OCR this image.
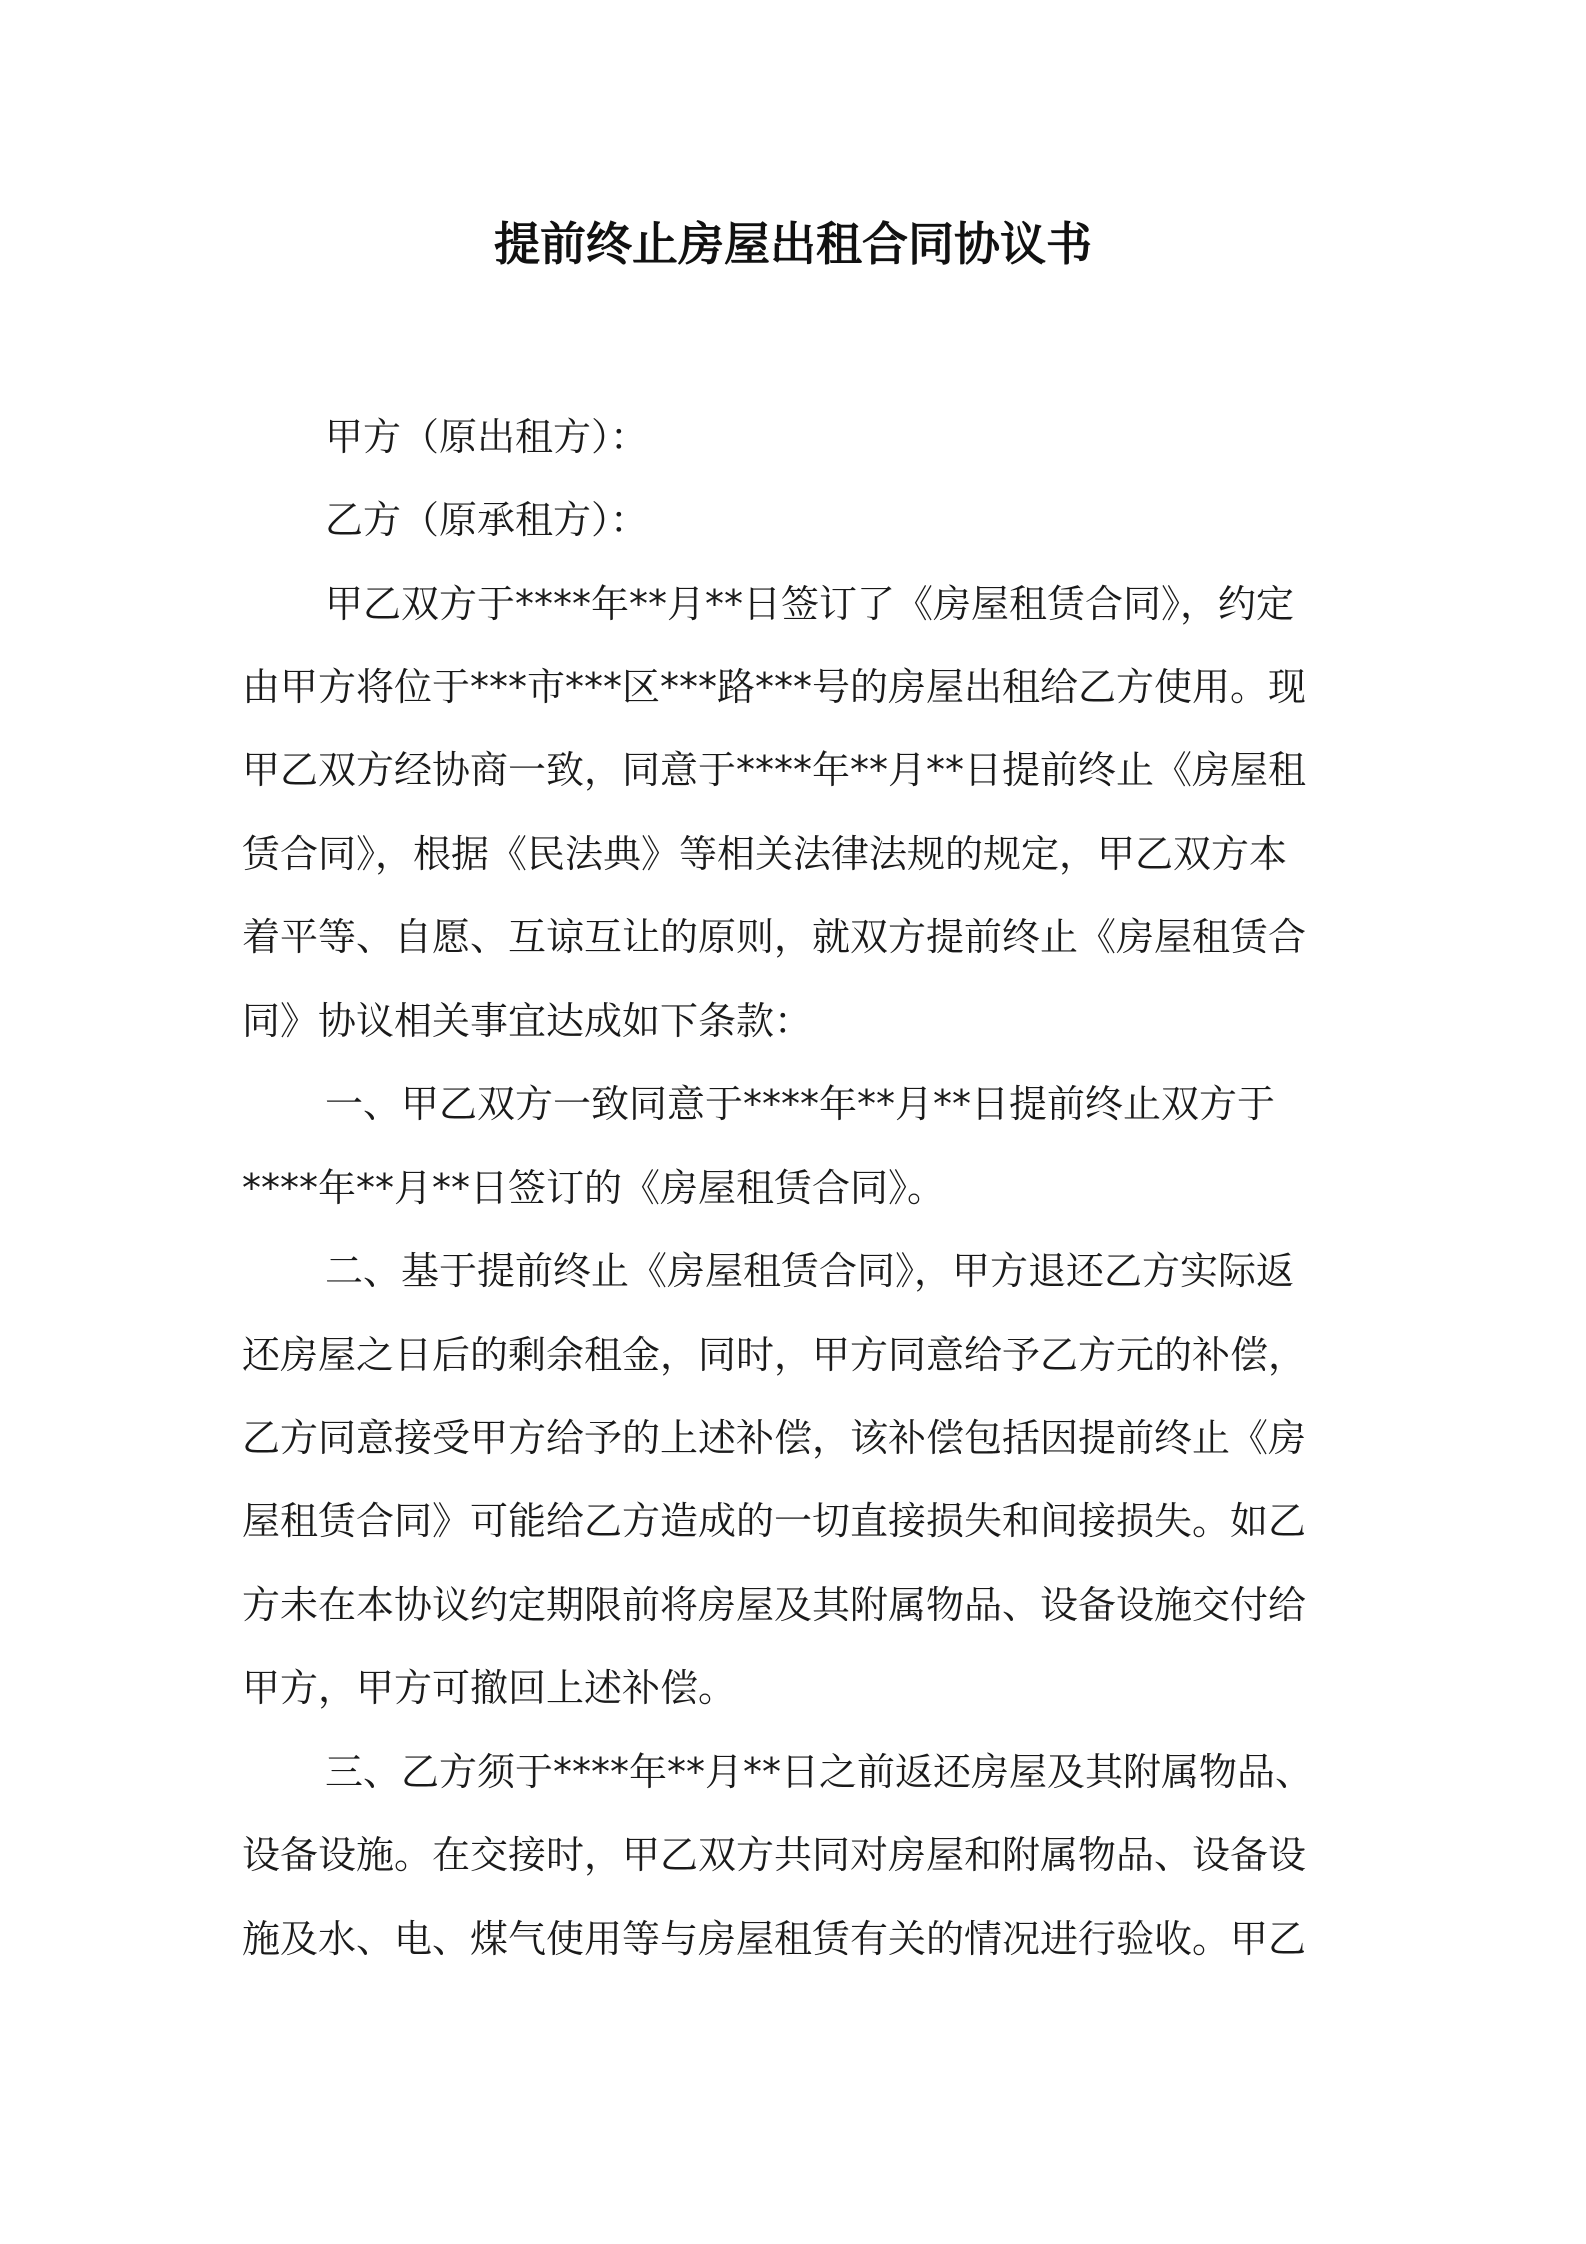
提前终止房屋出租合同协议书

甲方（原出租方）：

乙方（原承租方）：

甲乙双方于****年**月**日签订了《房屋租赁合同》，约定

由甲方将位于***市***区***路***号的房屋出租给乙方使用。现

甲乙双方经协商一致，同意于****年**月**日提前终止《房屋租

赁合同》，根据《民法典》等相关法律法规的规定，甲乙双方本

着平等、自愿、互谅互让的原则，就双方提前终止《房屋租赁合

同》协议相关事宜达成如下条款：

一、甲乙双方一致同意于****年**月**日提前终止双方于

****年**月**日签订的《房屋租赁合同》。

二、基于提前终止《房屋租赁合同》，甲方退还乙方实际返

还房屋之日后的剩余租金，同时，甲方同意给予乙方元的补偿，

乙方同意接受甲方给予的上述补偿，该补偿包括因提前终止《房

屋租赁合同》可能给乙方造成的一切直接损失和间接损失。如乙

方未在本协议约定期限前将房屋及其附属物品、设备设施交付给

甲方，甲方可撤回上述补偿。

三、乙方须于****年**月**日之前返还房屋及其附属物品、

设备设施。在交接时，甲乙双方共同对房屋和附属物品、设备设

施及水、电、煤气使用等与房屋租赁有关的情况进行验收。甲乙
